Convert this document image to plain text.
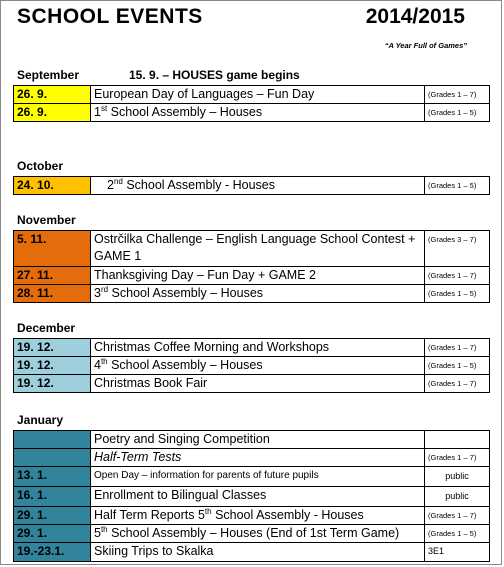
SCHOOL EVENTS	2014/2015
“A Year Full of Games”
September	15. 9. – HOUSES game begins
26. 9.	European Day of Languages – Fun Day	(Grades 1 – 7)
26. 9.	1st School Assembly – Houses	(Grades 1 – 5)
October
24. 10.	2nd School Assembly - Houses	(Grades 1 – 5)
November
5. 11.	Ostrčilka Challenge – English Language School Contest + GAME 1	(Grades 3 – 7)
27. 11.	Thanksgiving Day – Fun Day + GAME 2	(Grades 1 – 7)
28. 11.	3rd School Assembly – Houses	(Grades 1 – 5)
December
19. 12.	Christmas Coffee Morning and Workshops	(Grades 1 – 7)
19. 12.	4th School Assembly – Houses	(Grades 1 – 5)
19. 12.	Christmas Book Fair	(Grades 1 – 7)
January
	Poetry and Singing Competition	
	Half-Term Tests	(Grades 1 – 7)
13. 1.	Open Day – information for parents of future pupils	public
16. 1.	Enrollment to Bilingual Classes	public
29. 1.	Half Term Reports 5th School Assembly - Houses	(Grades 1 – 7)
29. 1.	5th School Assembly – Houses (End of 1st Term Game)	(Grades 1 – 5)
19.-23.1.	Skiing Trips to Skalka	3E1
